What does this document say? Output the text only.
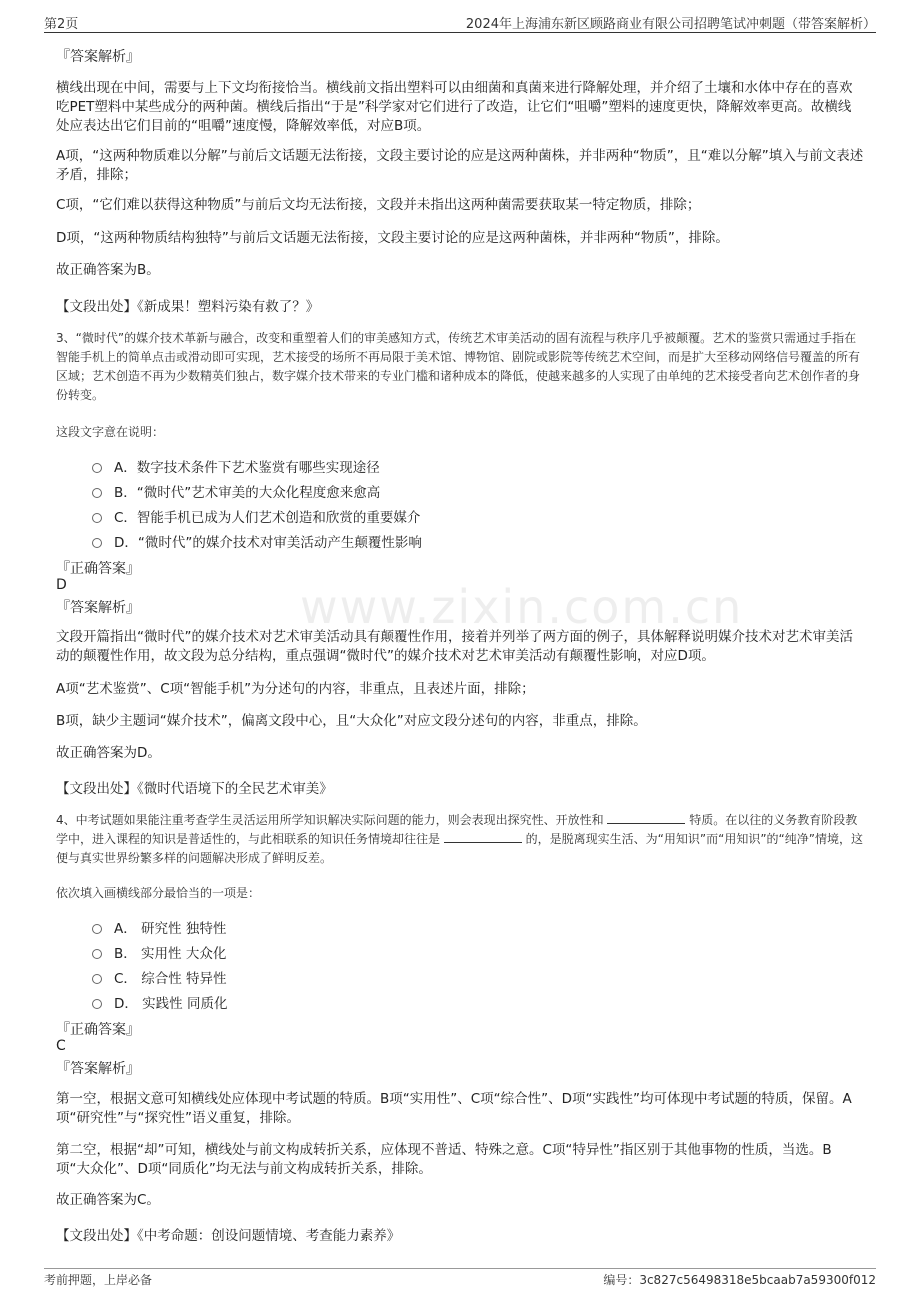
第2页	2024年上海浦东新区顾路商业有限公司招聘笔试冲刺题（带答案解析）
www.zixin.com.cn
『答案解析』
横线出现在中间，需要与上下文均衔接恰当。横线前文指出塑料可以由细菌和真菌来进行降解处理，并介绍了土壤和水体中存在的喜欢吃PET塑料中某些成分的两种菌。横线后指出“于是”科学家对它们进行了改造，让它们“咀嚼”塑料的速度更快，降解效率更高。故横线处应表达出它们目前的“咀嚼”速度慢，降解效率低，对应B项。
A项，“这两种物质难以分解”与前后文话题无法衔接，文段主要讨论的应是这两种菌株，并非两种“物质”，且“难以分解”填入与前文表述矛盾，排除；
C项，“它们难以获得这种物质”与前后文均无法衔接，文段并未指出这两种菌需要获取某一特定物质，排除；
D项，“这两种物质结构独特”与前后文话题无法衔接，文段主要讨论的应是这两种菌株，并非两种“物质”，排除。
故正确答案为B。
【文段出处】《新成果！塑料污染有救了？》
3、“微时代”的媒介技术革新与融合，改变和重塑着人们的审美感知方式，传统艺术审美活动的固有流程与秩序几乎被颠覆。艺术的鉴赏只需通过手指在智能手机上的简单点击或滑动即可实现，艺术接受的场所不再局限于美术馆、博物馆、剧院或影院等传统艺术空间，而是扩大至移动网络信号覆盖的所有区域；艺术创造不再为少数精英们独占，数字媒介技术带来的专业门槛和诸种成本的降低，使越来越多的人实现了由单纯的艺术接受者向艺术创作者的身份转变。
这段文字意在说明：
A．数字技术条件下艺术鉴赏有哪些实现途径
B．“微时代”艺术审美的大众化程度愈来愈高
C．智能手机已成为人们艺术创造和欣赏的重要媒介
D．“微时代”的媒介技术对审美活动产生颠覆性影响
『正确答案』
D
『答案解析』
文段开篇指出“微时代”的媒介技术对艺术审美活动具有颠覆性作用，接着并列举了两方面的例子，具体解释说明媒介技术对艺术审美活动的颠覆性作用，故文段为总分结构，重点强调“微时代”的媒介技术对艺术审美活动有颠覆性影响，对应D项。
A项“艺术鉴赏”、C项“智能手机”为分述句的内容，非重点，且表述片面，排除；
B项，缺少主题词“媒介技术”，偏离文段中心，且“大众化”对应文段分述句的内容，非重点，排除。
故正确答案为D。
【文段出处】《微时代语境下的全民艺术审美》
4、中考试题如果能注重考查学生灵活运用所学知识解决实际问题的能力，则会表现出探究性、开放性和	特质。在以往的义务教育阶段教学中，进入课程的知识是普适性的，与此相联系的知识任务情境却往往是	的，是脱离现实生活、为“用知识”而“用知识”的“纯净”情境，这便与真实世界纷繁多样的问题解决形成了鲜明反差。
依次填入画横线部分最恰当的一项是：
A． 研究性 独特性
B． 实用性 大众化
C． 综合性 特异性
D． 实践性 同质化
『正确答案』
C
『答案解析』
第一空，根据文意可知横线处应体现中考试题的特质。B项“实用性”、C项“综合性”、D项“实践性”均可体现中考试题的特质，保留。A项“研究性”与“探究性”语义重复，排除。
第二空，根据“却”可知，横线处与前文构成转折关系，应体现不普适、特殊之意。C项“特异性”指区别于其他事物的性质，当选。B项“大众化”、D项“同质化”均无法与前文构成转折关系，排除。
故正确答案为C。
【文段出处】《中考命题：创设问题情境、考查能力素养》
考前押题，上岸必备	编号：3c827c56498318e5bcaab7a59300f012
